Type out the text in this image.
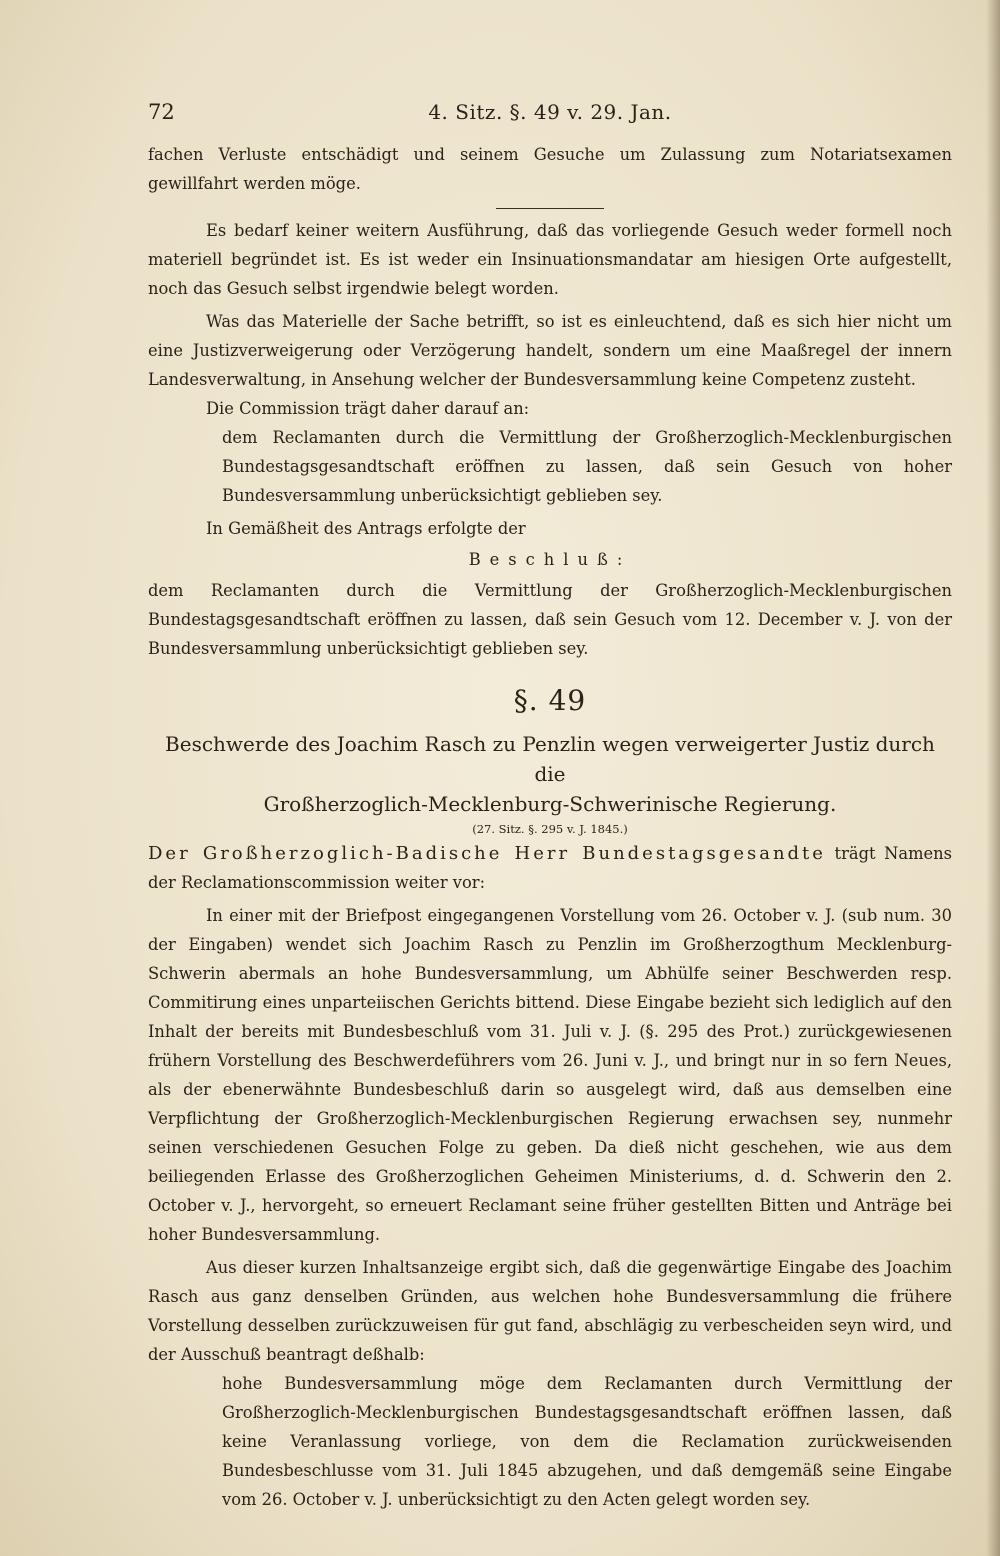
72	4. Sitz. §. 49 v. 29. Jan.

fachen Verluste entschädigt und seinem Gesuche um Zulassung zum Notariatsexamen gewillfahrt werden möge.

Es bedarf keiner weitern Ausführung, daß das vorliegende Gesuch weder formell noch materiell begründet ist. Es ist weder ein Insinuationsmandatar am hiesigen Orte aufgestellt, noch das Gesuch selbst irgendwie belegt worden.

Was das Materielle der Sache betrifft, so ist es einleuchtend, daß es sich hier nicht um eine Justizverweigerung oder Verzögerung handelt, sondern um eine Maaßregel der innern Landesverwaltung, in Ansehung welcher der Bundesversammlung keine Competenz zusteht.

Die Commission trägt daher darauf an:

dem Reclamanten durch die Vermittlung der Großherzoglich-Mecklenburgischen Bundestagsgesandtschaft eröffnen zu lassen, daß sein Gesuch von hoher Bundesversammlung unberücksichtigt geblieben sey.

In Gemäßheit des Antrags erfolgte der

Beschluß:

dem Reclamanten durch die Vermittlung der Großherzoglich-Mecklenburgischen Bundestagsgesandtschaft eröffnen zu lassen, daß sein Gesuch vom 12. December v. J. von der Bundesversammlung unberücksichtigt geblieben sey.

§. 49

Beschwerde des Joachim Rasch zu Penzlin wegen verweigerter Justiz durch die

Großherzoglich-Mecklenburg-Schwerinische Regierung.

(27. Sitz. §. 295 v. J. 1845.)

Der Großherzoglich-Badische Herr Bundestagsgesandte trägt Namens der Reclamationscommission weiter vor:

In einer mit der Briefpost eingegangenen Vorstellung vom 26. October v. J. (sub num. 30 der Eingaben) wendet sich Joachim Rasch zu Penzlin im Großherzogthum Mecklenburg-Schwerin abermals an hohe Bundesversammlung, um Abhülfe seiner Beschwerden resp. Commitirung eines unparteiischen Gerichts bittend. Diese Eingabe bezieht sich lediglich auf den Inhalt der bereits mit Bundesbeschluß vom 31. Juli v. J. (§. 295 des Prot.) zurückgewiesenen frühern Vorstellung des Beschwerdeführers vom 26. Juni v. J., und bringt nur in so fern Neues, als der ebenerwähnte Bundesbeschluß darin so ausgelegt wird, daß aus demselben eine Verpflichtung der Großherzoglich-Mecklenburgischen Regierung erwachsen sey, nunmehr seinen verschiedenen Gesuchen Folge zu geben. Da dieß nicht geschehen, wie aus dem beiliegenden Erlasse des Großherzoglichen Geheimen Ministeriums, d. d. Schwerin den 2. October v. J., hervorgeht, so erneuert Reclamant seine früher gestellten Bitten und Anträge bei hoher Bundesversammlung.

Aus dieser kurzen Inhaltsanzeige ergibt sich, daß die gegenwärtige Eingabe des Joachim Rasch aus ganz denselben Gründen, aus welchen hohe Bundesversammlung die frühere Vorstellung desselben zurückzuweisen für gut fand, abschlägig zu verbescheiden seyn wird, und der Ausschuß beantragt deßhalb:

hohe Bundesversammlung möge dem Reclamanten durch Vermittlung der Großherzoglich-Mecklenburgischen Bundestagsgesandtschaft eröffnen lassen, daß keine Veranlassung vorliege, von dem die Reclamation zurückweisenden Bundesbeschlusse vom 31. Juli 1845 abzugehen, und daß demgemäß seine Eingabe vom 26. October v. J. unberücksichtigt zu den Acten gelegt worden sey.
